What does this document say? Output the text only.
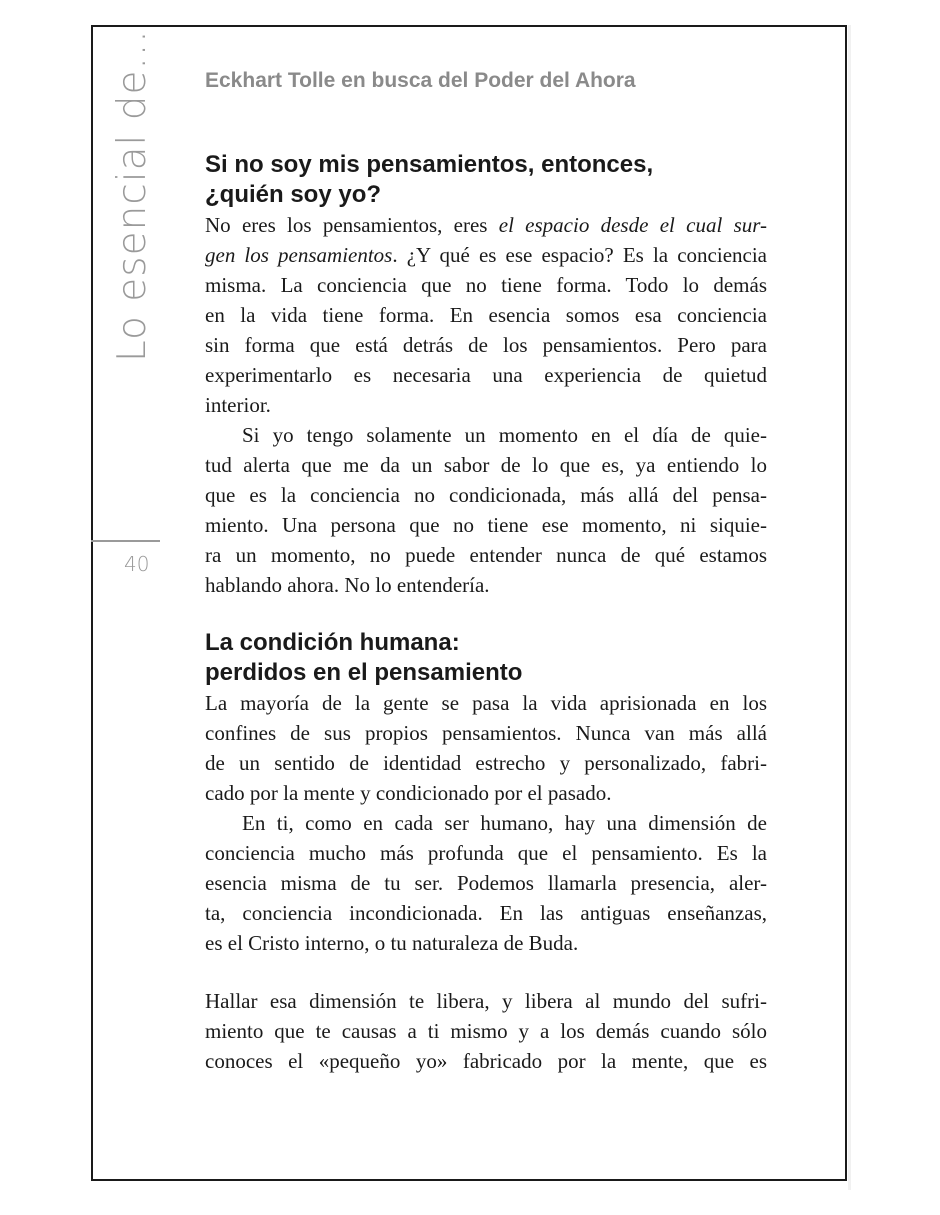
Lo esencial de...
40
Eckhart Tolle en busca del Poder del Ahora
Si no soy mis pensamientos, entonces,
¿quién soy yo?
No eres los pensamientos, eres el espacio desde el cual sur-
gen los pensamientos. ¿Y qué es ese espacio? Es la conciencia
misma. La conciencia que no tiene forma. Todo lo demás
en la vida tiene forma. En esencia somos esa conciencia
sin forma que está detrás de los pensamientos. Pero para
experimentarlo es necesaria una experiencia de quietud
interior.
Si yo tengo solamente un momento en el día de quie-
tud alerta que me da un sabor de lo que es, ya entiendo lo
que es la conciencia no condicionada, más allá del pensa-
miento. Una persona que no tiene ese momento, ni siquie-
ra un momento, no puede entender nunca de qué estamos
hablando ahora. No lo entendería.
La condición humana:
perdidos en el pensamiento
La mayoría de la gente se pasa la vida aprisionada en los
confines de sus propios pensamientos. Nunca van más allá
de un sentido de identidad estrecho y personalizado, fabri-
cado por la mente y condicionado por el pasado.
En ti, como en cada ser humano, hay una dimensión de
conciencia mucho más profunda que el pensamiento. Es la
esencia misma de tu ser. Podemos llamarla presencia, aler-
ta, conciencia incondicionada. En las antiguas enseñanzas,
es el Cristo interno, o tu naturaleza de Buda.
Hallar esa dimensión te libera, y libera al mundo del sufri-
miento que te causas a ti mismo y a los demás cuando sólo
conoces el «pequeño yo» fabricado por la mente, que es
